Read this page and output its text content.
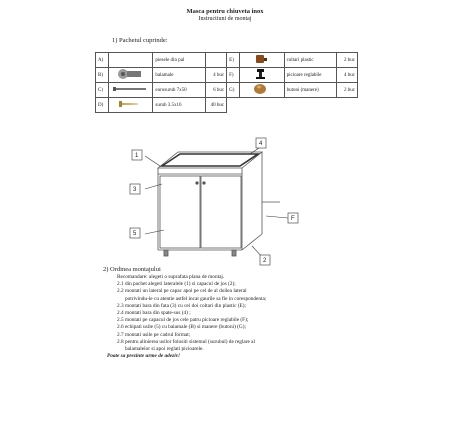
Masca pentru chiuveta inox
Instructiuni de montaj
1) Pachetul cuprinde:
A)		piesele din pal		E)		coltari plastic	2 buc
B)		balamale	4 buc	F)		picioare reglabile	4 buc
C)		eurosurub 7x50	6 buc	G)		butoni (manere)	2 buc
D)		surub 3.5x16	40 buc				
1
2
3
4
5
F
2) Ordinea montajului

Recomandare: alegeti o suprafata plana de montaj.

2.1 din pachet alegeti lateralele (1) si capacul de jos (2);

2.2 montati un lateral pe capac apoi pe cel de al doilea lateral

potrivindu-le cu atentie astfel incat gaurile sa fie in corespondenta;

2.3 montati bara din fata (3) cu cei doi coltari din plastic (E);

2.4 montati bara din spate-sus (4) ;

2.5 montati pe capacul de jos cele patru picioare reglabile (F);

2.6 echipati usile (5) cu balamale (B) si manere (butoni) (G);

2.7 montati usile pe cadrul format;

2.8 pentru alinierea usilor folositi sistemul (surubul) de reglare al

balamalelor si apoi reglati picioarele.

Poate sa prezinte urme de adeziv!
